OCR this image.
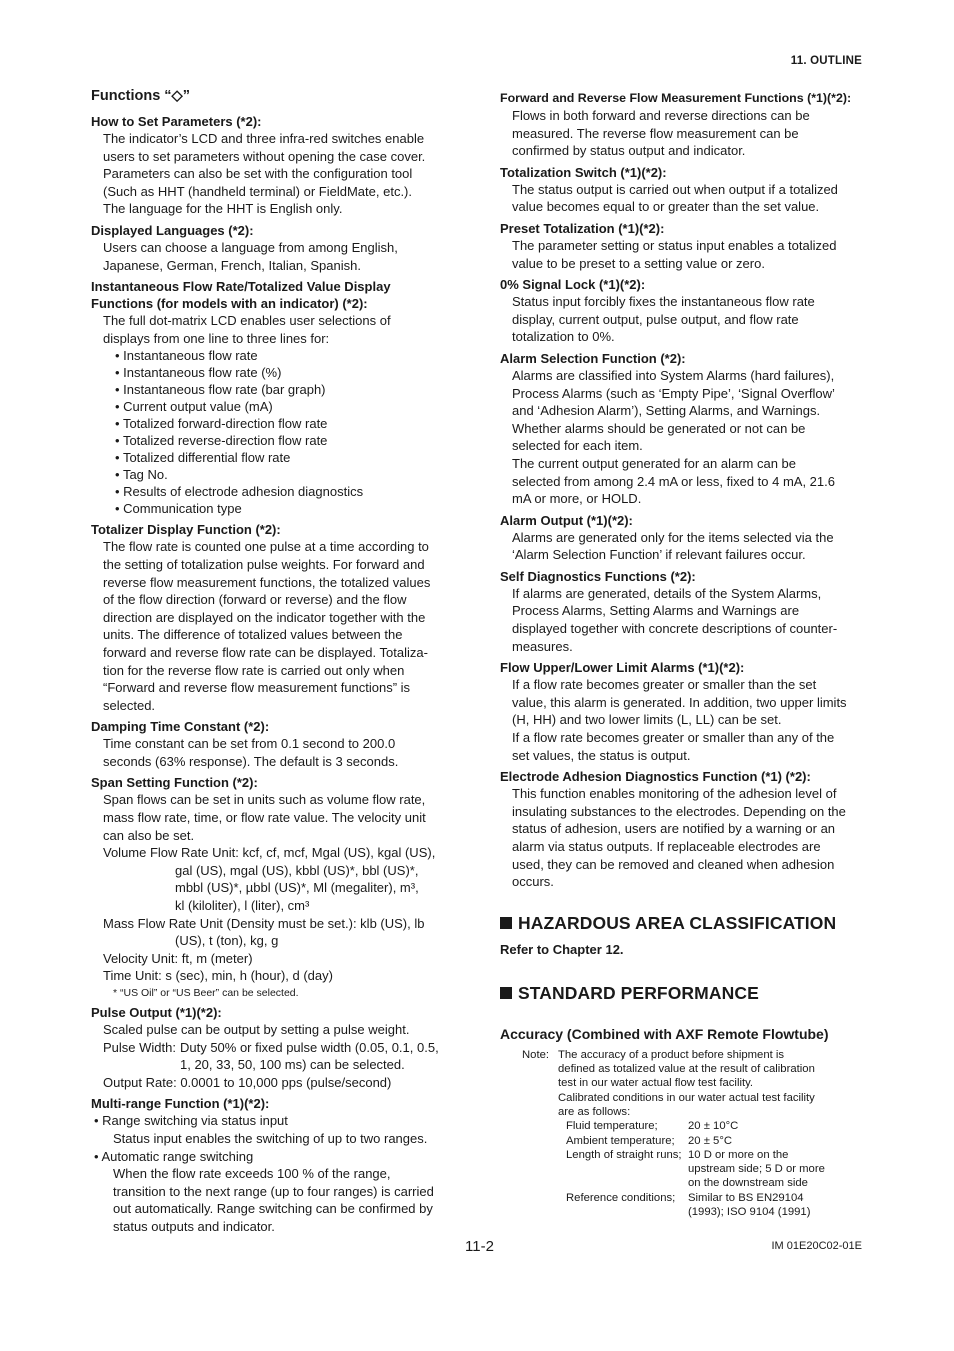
11. OUTLINE
Functions “◇”
How to Set Parameters (*2):
The indicator’s LCD and three infra-red switches enable
users to set parameters without opening the case cover.
Parameters can also be set with the configuration tool
(Such as HHT (handheld terminal) or FieldMate, etc.).
The language for the HHT is English only.
Displayed Languages (*2):
Users can choose a language from among English,
Japanese, German, French, Italian, Spanish.
Instantaneous Flow Rate/Totalized Value Display
Functions (for models with an indicator) (*2):
The full dot-matrix LCD enables user selections of
displays from one line to three lines for:
• Instantaneous flow rate
• Instantaneous flow rate (%)
• Instantaneous flow rate (bar graph)
• Current output value (mA)
• Totalized forward-direction flow rate
• Totalized reverse-direction flow rate
• Totalized differential flow rate
• Tag No.
• Results of electrode adhesion diagnostics
• Communication type
Totalizer Display Function (*2):
The flow rate is counted one pulse at a time according to
the setting of totalization pulse weights. For forward and
reverse flow measurement functions, the totalized values
of the flow direction (forward or reverse) and the flow
direction are displayed on the indicator together with the
units. The difference of totalized values between the
forward and reverse flow rate can be displayed. Totaliza-
tion for the reverse flow rate is carried out only when
“Forward and reverse flow measurement functions” is
selected.
Damping Time Constant (*2):
Time constant can be set from 0.1 second to 200.0
seconds (63% response). The default is 3 seconds.
Span Setting Function (*2):
Span flows can be set in units such as volume flow rate,
mass flow rate, time, or flow rate value. The velocity unit
can also be set.
Volume Flow Rate Unit: kcf, cf, mcf, Mgal (US), kgal (US),
gal (US), mgal (US), kbbl (US)*, bbl (US)*,
mbbl (US)*, µbbl (US)*, Ml (megaliter), m³,
kl (kiloliter), l (liter), cm³
Mass Flow Rate Unit (Density must be set.): klb (US), lb
(US), t (ton), kg, g
Velocity Unit: ft, m (meter)
Time Unit: s (sec), min, h (hour), d (day)
* “US Oil” or “US Beer” can be selected.
Pulse Output (*1)(*2):
Scaled pulse can be output by setting a pulse weight.
Pulse Width: Duty 50% or fixed pulse width (0.05, 0.1, 0.5,
1, 20, 33, 50, 100 ms) can be selected.
Output Rate: 0.0001 to 10,000 pps (pulse/second)
Multi-range Function (*1)(*2):
• Range switching via status input
Status input enables the switching of up to two ranges.
• Automatic range switching
When the flow rate exceeds 100 % of the range,
transition to the next range (up to four ranges) is carried
out automatically. Range switching can be confirmed by
status outputs and indicator.
Forward and Reverse Flow Measurement Functions (*1)(*2):
Flows in both forward and reverse directions can be
measured. The reverse flow measurement can be
confirmed by status output and indicator.
Totalization Switch (*1)(*2):
The status output is carried out when output if a totalized
value becomes equal to or greater than the set value.
Preset Totalization (*1)(*2):
The parameter setting or status input enables a totalized
value to be preset to a setting value or zero.
0% Signal Lock (*1)(*2):
Status input forcibly fixes the instantaneous flow rate
display, current output, pulse output, and flow rate
totalization to 0%.
Alarm Selection Function (*2):
Alarms are classified into System Alarms (hard failures),
Process Alarms (such as ‘Empty Pipe’, ‘Signal Overflow’
and ‘Adhesion Alarm’), Setting Alarms, and Warnings.
Whether alarms should be generated or not can be
selected for each item.
The current output generated for an alarm can be
selected from among 2.4 mA or less, fixed to 4 mA, 21.6
mA or more, or HOLD.
Alarm Output (*1)(*2):
Alarms are generated only for the items selected via the
‘Alarm Selection Function’ if relevant failures occur.
Self Diagnostics Functions (*2):
If alarms are generated, details of the System Alarms,
Process Alarms, Setting Alarms and Warnings are
displayed together with concrete descriptions of counter-
measures.
Flow Upper/Lower Limit Alarms (*1)(*2):
If a flow rate becomes greater or smaller than the set
value, this alarm is generated. In addition, two upper limits
(H, HH) and two lower limits (L, LL) can be set.
If a flow rate becomes greater or smaller than any of the
set values, the status is output.
Electrode Adhesion Diagnostics Function (*1) (*2):
This function enables monitoring of the adhesion level of
insulating substances to the electrodes. Depending on the
status of adhesion, users are notified by a warning or an
alarm via status outputs. If replaceable electrodes are
used, they can be removed and cleaned when adhesion
occurs.
HAZARDOUS AREA CLASSIFICATION
Refer to Chapter 12.
STANDARD PERFORMANCE
Accuracy (Combined with AXF Remote Flowtube)
Note: The accuracy of a product before shipment is
defined as totalized value at the result of calibration
test in our water actual flow test facility.
Calibrated conditions in our water actual test facility
are as follows:
Fluid temperature;	20 ± 10°C

Ambient temperature;	20 ± 5°C

Length of straight runs;	10 D or more on the
upstream side; 5 D or more
on the downstream side

Reference conditions;	Similar to BS EN29104
(1993); ISO 9104 (1991)
11-2	IM 01E20C02-01E
